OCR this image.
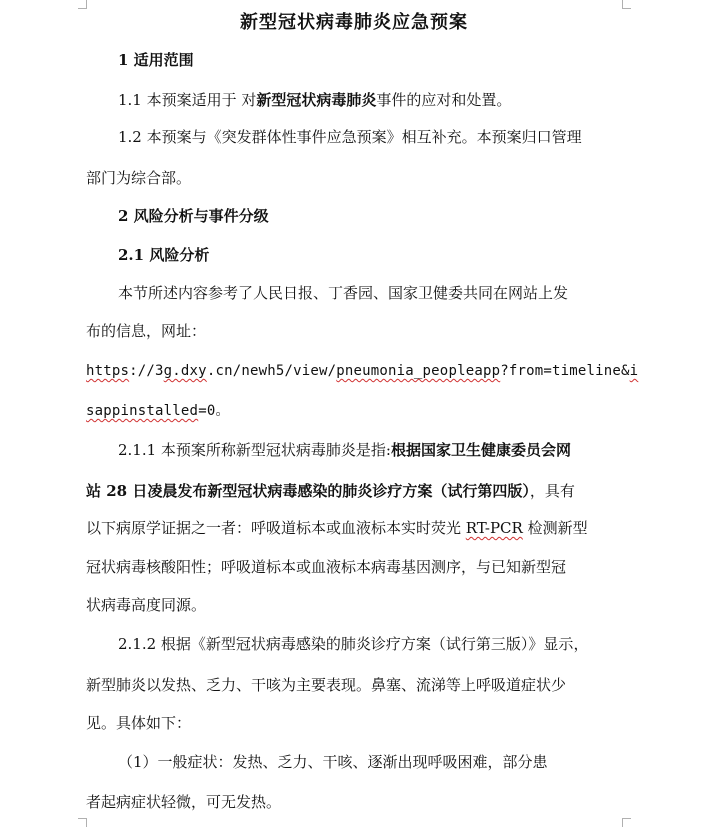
新型冠状病毒肺炎应急预案
1 适用范围
1.1 本预案适用于 对新型冠状病毒肺炎事件的应对和处置。
1.2 本预案与《突发群体性事件应急预案》相互补充。本预案归口管理
部门为综合部。
2 风险分析与事件分级
2.1 风险分析
本节所述内容参考了人民日报、丁香园、国家卫健委共同在网站上发
布的信息，网址：
https://3g.dxy.cn/newh5/view/pneumonia_peopleapp?from=timeline&i
sappinstalled=0。
2.1.1 本预案所称新型冠状病毒肺炎是指:根据国家卫生健康委员会网
站 28 日凌晨发布新型冠状病毒感染的肺炎诊疗方案（试行第四版），具有
以下病原学证据之一者：呼吸道标本或血液标本实时荧光 RT-PCR 检测新型
冠状病毒核酸阳性；呼吸道标本或血液标本病毒基因测序，与已知新型冠
状病毒高度同源。
2.1.2 根据《新型冠状病毒感染的肺炎诊疗方案（试行第三版）》显示，
新型肺炎以发热、乏力、干咳为主要表现。鼻塞、流涕等上呼吸道症状少
见。具体如下：
（1）一般症状：发热、乏力、干咳、逐渐出现呼吸困难，部分患
者起病症状轻微，可无发热。
